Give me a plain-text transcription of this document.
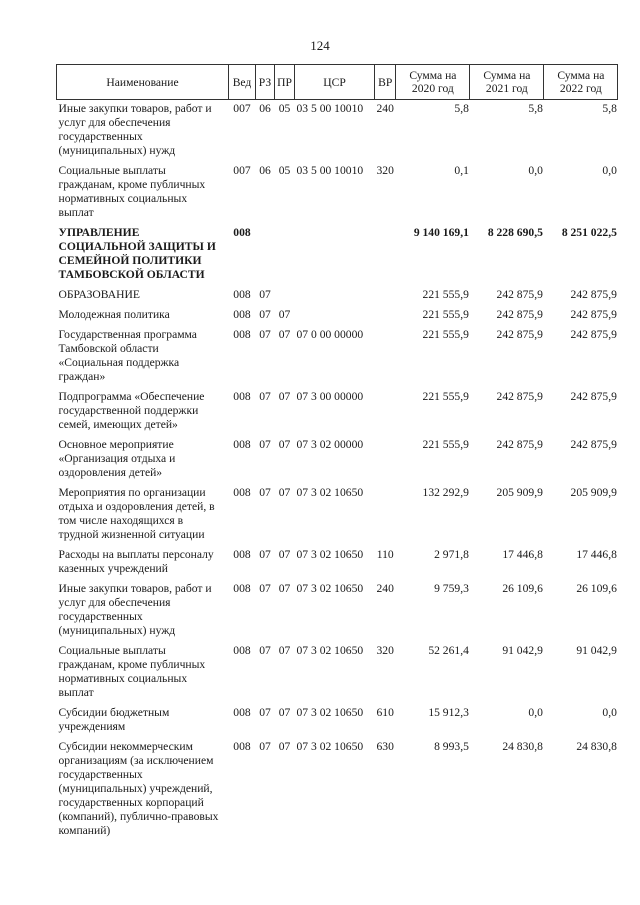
124
Наименование	Вед	РЗ	ПР	ЦСР	ВР	Сумма на 2020 год	Сумма на 2021 год	Сумма на 2022 год
Иные закупки товаров, работ и услуг для обеспечения государственных (муниципальных) нужд	007	06	05	03 5 00 10010	240	5,8	5,8	5,8
Социальные выплаты гражданам, кроме публичных нормативных социальных выплат	007	06	05	03 5 00 10010	320	0,1	0,0	0,0
УПРАВЛЕНИЕ СОЦИАЛЬНОЙ ЗАЩИТЫ И СЕМЕЙНОЙ ПОЛИТИКИ ТАМБОВСКОЙ ОБЛАСТИ	008					9 140 169,1	8 228 690,5	8 251 022,5
ОБРАЗОВАНИЕ	008	07				221 555,9	242 875,9	242 875,9
Молодежная политика	008	07	07			221 555,9	242 875,9	242 875,9
Государственная программа Тамбовской области «Социальная поддержка граждан»	008	07	07	07 0 00 00000		221 555,9	242 875,9	242 875,9
Подпрограмма «Обеспечение государственной поддержки семей, имеющих детей»	008	07	07	07 3 00 00000		221 555,9	242 875,9	242 875,9
Основное мероприятие «Организация отдыха и оздоровления детей»	008	07	07	07 3 02 00000		221 555,9	242 875,9	242 875,9
Мероприятия по организации отдыха и оздоровления детей, в том числе находящихся в трудной жизненной ситуации	008	07	07	07 3 02 10650		132 292,9	205 909,9	205 909,9
Расходы на выплаты персоналу казенных учреждений	008	07	07	07 3 02 10650	110	2 971,8	17 446,8	17 446,8
Иные закупки товаров, работ и услуг для обеспечения государственных (муниципальных) нужд	008	07	07	07 3 02 10650	240	9 759,3	26 109,6	26 109,6
Социальные выплаты гражданам, кроме публичных нормативных социальных выплат	008	07	07	07 3 02 10650	320	52 261,4	91 042,9	91 042,9
Субсидии бюджетным учреждениям	008	07	07	07 3 02 10650	610	15 912,3	0,0	0,0
Субсидии некоммерческим организациям (за исключением государственных (муниципальных) учреждений, государственных корпораций (компаний), публично-правовых компаний)	008	07	07	07 3 02 10650	630	8 993,5	24 830,8	24 830,8
